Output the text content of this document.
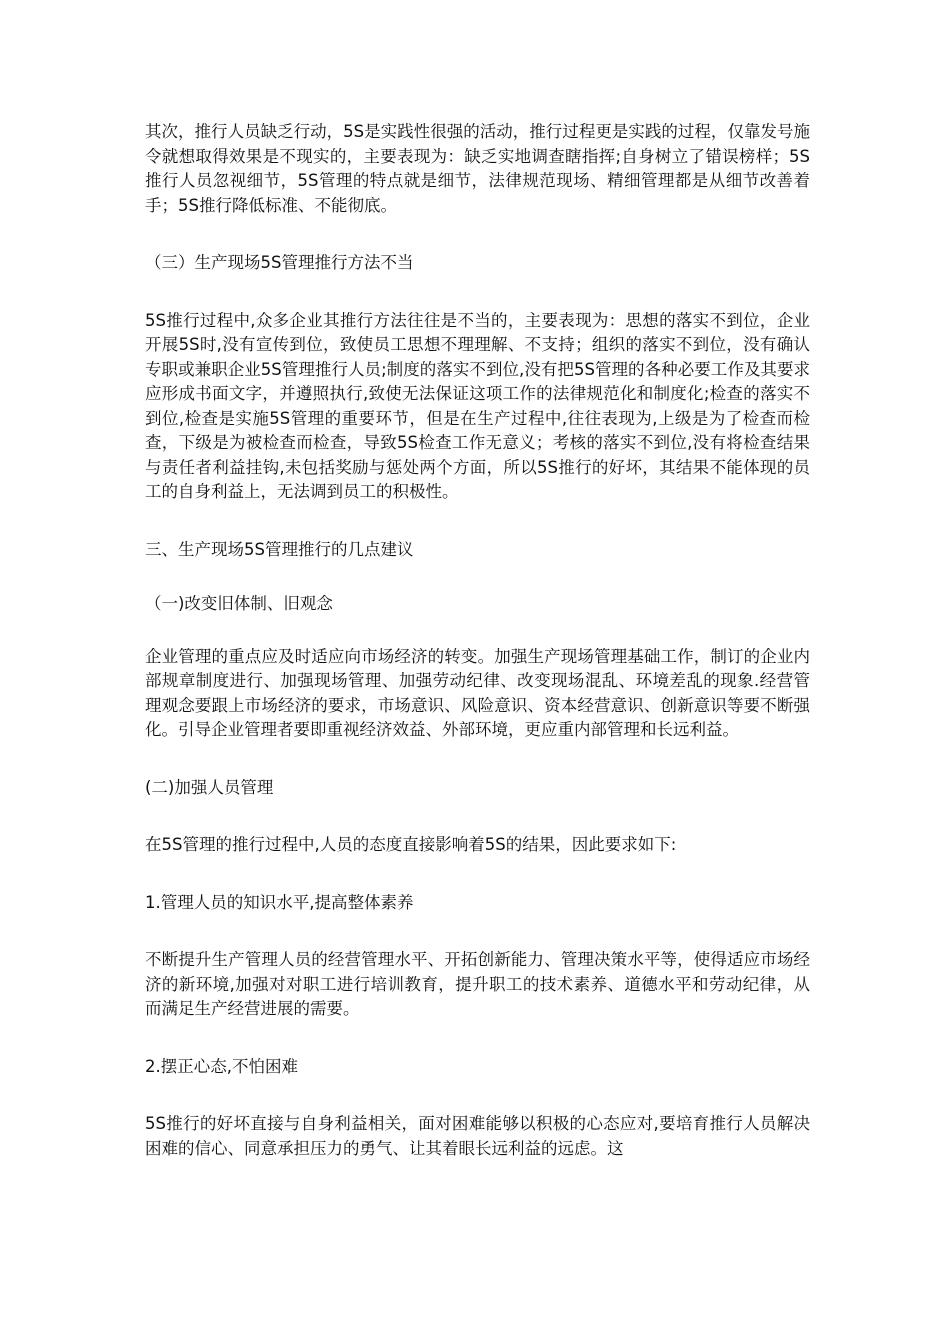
其次，推行人员缺乏行动，5S是实践性很强的活动，推行过程更是实践的过程，仅靠发号施令就想取得效果是不现实的，主要表现为：缺乏实地调查瞎指挥;自身树立了错误榜样；5S推行人员忽视细节，5S管理的特点就是细节，法律规范现场、精细管理都是从细节改善着手；5S推行降低标准、不能彻底。

（三）生产现场5S管理推行方法不当

5S推行过程中,众多企业其推行方法往往是不当的，主要表现为：思想的落实不到位，企业开展5S时,没有宣传到位，致使员工思想不理理解、不支持；组织的落实不到位，没有确认专职或兼职企业5S管理推行人员;制度的落实不到位,没有把5S管理的各种必要工作及其要求应形成书面文字，并遵照执行,致使无法保证这项工作的法律规范化和制度化;检查的落实不到位,检查是实施5S管理的重要环节，但是在生产过程中,往往表现为,上级是为了检查而检查，下级是为被检查而检查，导致5S检查工作无意义；考核的落实不到位,没有将检查结果与责任者利益挂钩,未包括奖励与惩处两个方面，所以5S推行的好坏，其结果不能体现的员工的自身利益上，无法调到员工的积极性。

三、生产现场5S管理推行的几点建议

（一)改变旧体制、旧观念

企业管理的重点应及时适应向市场经济的转变。加强生产现场管理基础工作，制订的企业内部规章制度进行、加强现场管理、加强劳动纪律、改变现场混乱、环境差乱的现象.经营管理观念要跟上市场经济的要求，市场意识、风险意识、资本经营意识、创新意识等要不断强化。引导企业管理者要即重视经济效益、外部环境，更应重内部管理和长远利益。

(二)加强人员管理

在5S管理的推行过程中,人员的态度直接影响着5S的结果，因此要求如下:

1.管理人员的知识水平,提高整体素养

不断提升生产管理人员的经营管理水平、开拓创新能力、管理决策水平等，使得适应市场经济的新环境,加强对对职工进行培训教育，提升职工的技术素养、道德水平和劳动纪律，从而满足生产经营进展的需要。

2.摆正心态,不怕困难

5S推行的好坏直接与自身利益相关，面对困难能够以积极的心态应对,要培育推行人员解决困难的信心、同意承担压力的勇气、让其着眼长远利益的远虑。这
